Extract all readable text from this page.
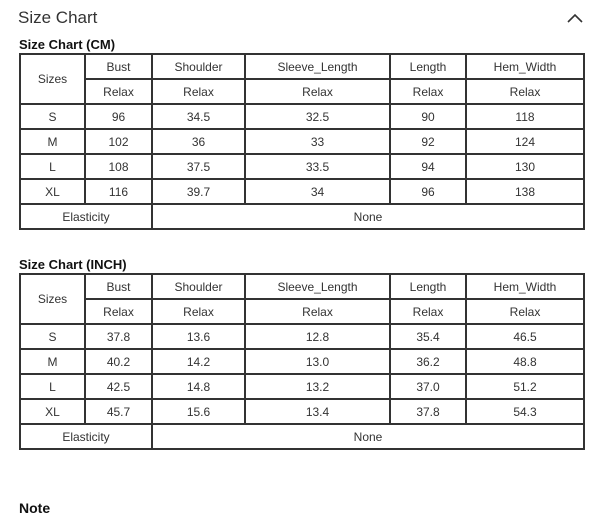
Size Chart
Size Chart (CM)
Sizes	Bust	Shoulder	Sleeve_Length	Length	Hem_Width
	Relax	Relax	Relax	Relax	Relax
S	96	34.5	32.5	90	118
M	102	36	33	92	124
L	108	37.5	33.5	94	130
XL	116	39.7	34	96	138
Elasticity		None			
Size Chart (INCH)
Sizes	Bust	Shoulder	Sleeve_Length	Length	Hem_Width
	Relax	Relax	Relax	Relax	Relax
S	37.8	13.6	12.8	35.4	46.5
M	40.2	14.2	13.0	36.2	48.8
L	42.5	14.8	13.2	37.0	51.2
XL	45.7	15.6	13.4	37.8	54.3
Elasticity		None			
Note
